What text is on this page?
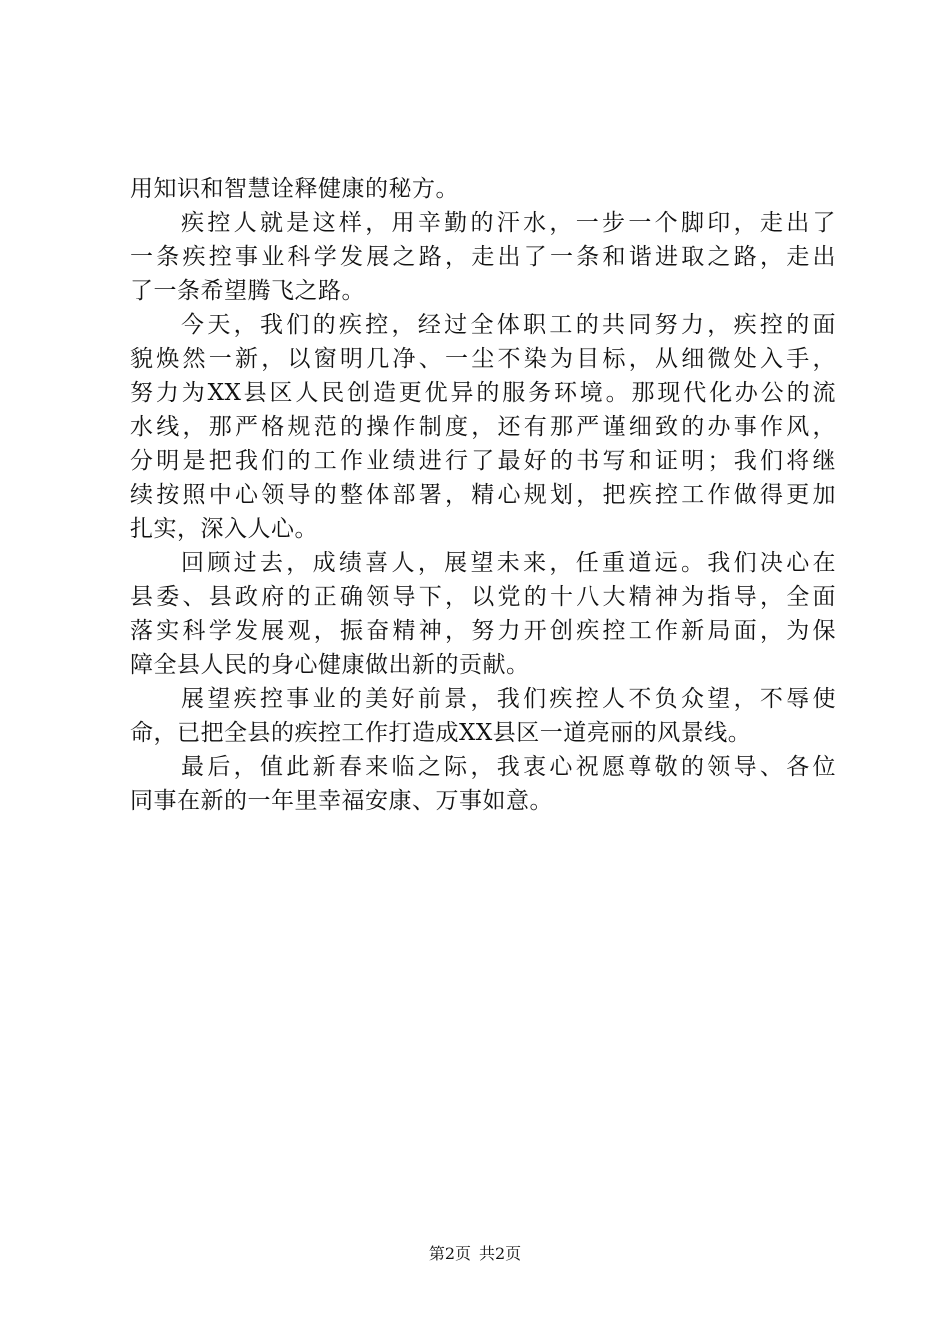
用知识和智慧诠释健康的秘方。
疾控人就是这样，用辛勤的汗水，一步一个脚印，走出了
一条疾控事业科学发展之路，走出了一条和谐进取之路，走出
了一条希望腾飞之路。
今天，我们的疾控，经过全体职工的共同努力，疾控的面
貌焕然一新，以窗明几净、一尘不染为目标，从细微处入手，
努力为XX县区人民创造更优异的服务环境。那现代化办公的流
水线，那严格规范的操作制度，还有那严谨细致的办事作风，
分明是把我们的工作业绩进行了最好的书写和证明；我们将继
续按照中心领导的整体部署，精心规划，把疾控工作做得更加
扎实，深入人心。
回顾过去，成绩喜人，展望未来，任重道远。我们决心在
县委、县政府的正确领导下，以党的十八大精神为指导，全面
落实科学发展观，振奋精神，努力开创疾控工作新局面，为保
障全县人民的身心健康做出新的贡献。
展望疾控事业的美好前景，我们疾控人不负众望，不辱使
命，已把全县的疾控工作打造成XX县区一道亮丽的风景线。
最后，值此新春来临之际，我衷心祝愿尊敬的领导、各位
同事在新的一年里幸福安康、万事如意。
第2页 共2页
